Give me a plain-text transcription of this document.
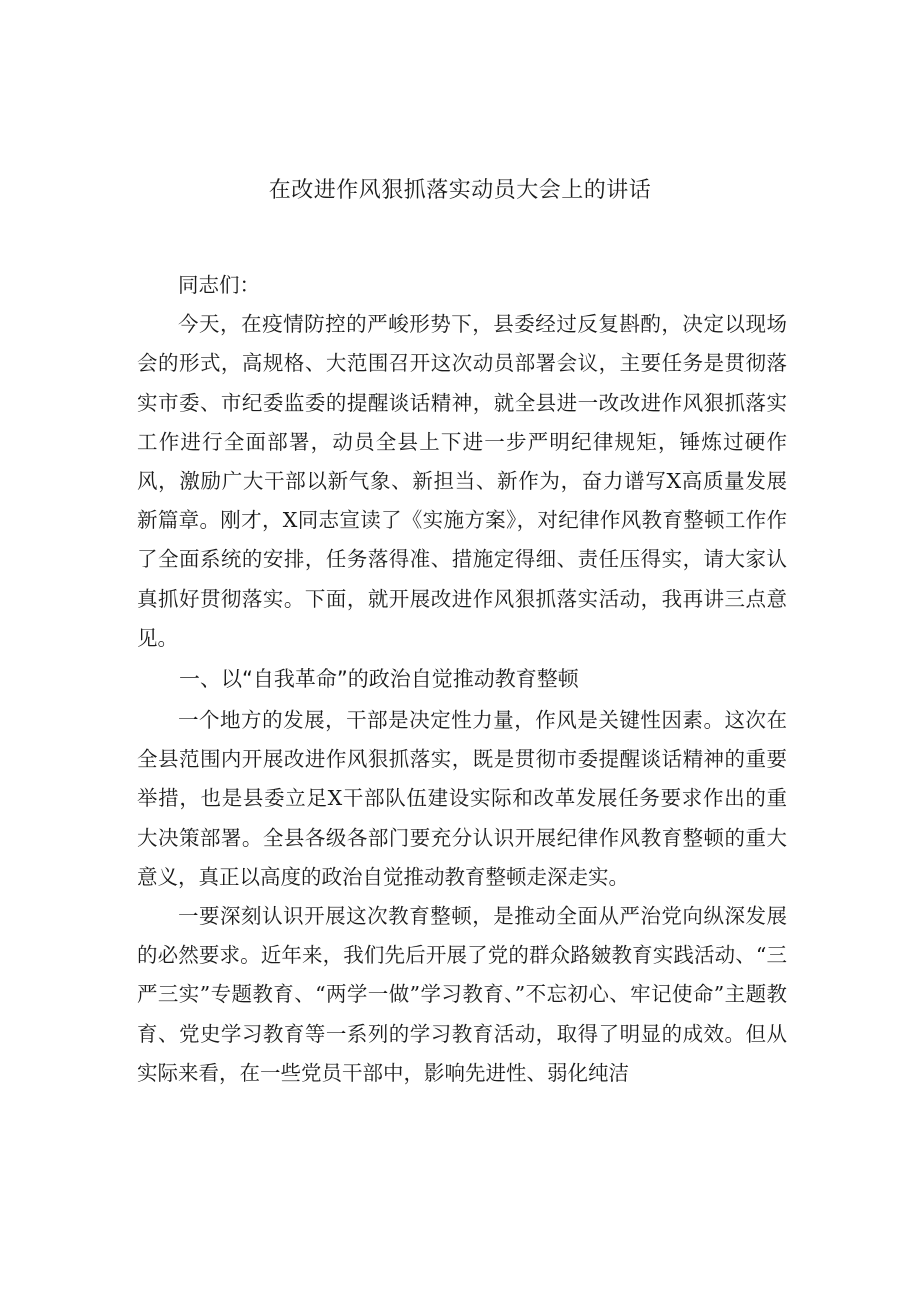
在改进作风狠抓落实动员大会上的讲话

同志们：

今天，在疫情防控的严峻形势下，县委经过反复斟酌，决定以现场会的形式，高规格、大范围召开这次动员部署会议，主要任务是贯彻落实市委、市纪委监委的提醒谈话精神，就全县进一改改进作风狠抓落实工作进行全面部署，动员全县上下进一步严明纪律规矩，锤炼过硬作风，激励广大干部以新气象、新担当、新作为，奋力谱写X高质量发展新篇章。刚才，X同志宣读了《实施方案》，对纪律作风教育整顿工作作了全面系统的安排，任务落得准、措施定得细、责任压得实，请大家认真抓好贯彻落实。下面，就开展改进作风狠抓落实活动，我再讲三点意见。

一、以“自我革命”的政治自觉推动教育整顿

一个地方的发展，干部是决定性力量，作风是关键性因素。这次在全县范围内开展改进作风狠抓落实，既是贯彻市委提醒谈话精神的重要举措，也是县委立足X干部队伍建设实际和改革发展任务要求作出的重大决策部署。全县各级各部门要充分认识开展纪律作风教育整顿的重大意义，真正以高度的政治自觉推动教育整顿走深走实。

一要深刻认识开展这次教育整顿，是推动全面从严治党向纵深发展的必然要求。近年来，我们先后开展了党的群众路皴教育实践活动、“三严三实”专题教育、“两学一做”学习教育、”不忘初心、牢记使命”主题教育、党史学习教育等一系列的学习教育活动，取得了明显的成效。但从实际来看，在一些党员干部中，影响先进性、弱化纯洁
